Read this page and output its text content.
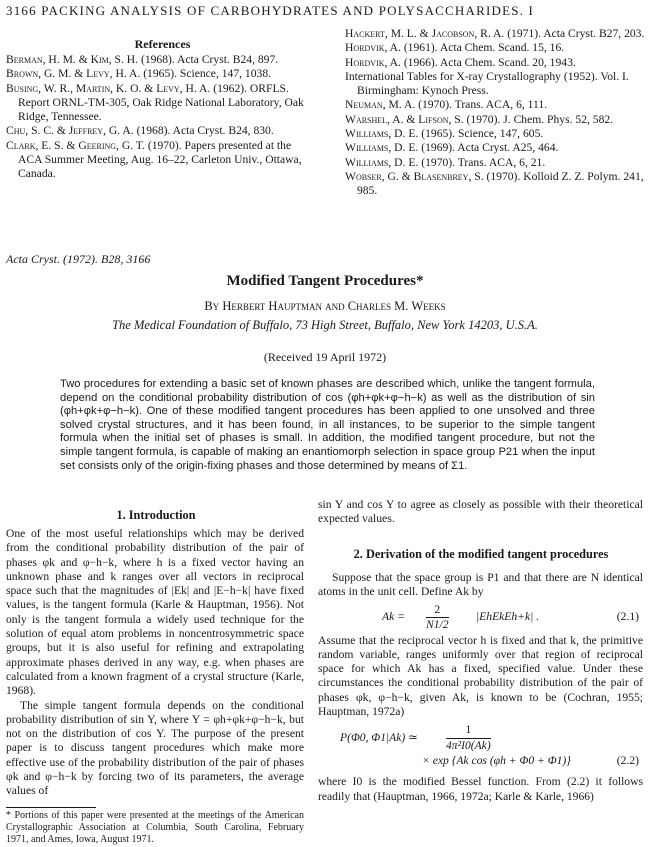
3166 PACKING ANALYSIS OF CARBOHYDRATES AND POLYSACCHARIDES. I
References
Berman, H. M. & Kim, S. H. (1968). Acta Cryst. B24, 897.
Brown, G. M. & Levy, H. A. (1965). Science, 147, 1038.
Busing, W. R., Martin, K. O. & Levy, H. A. (1962). ORFLS. Report ORNL-TM-305, Oak Ridge National Laboratory, Oak Ridge, Tennessee.
Chu, S. C. & Jeffrey, G. A. (1968). Acta Cryst. B24, 830.
Clark, E. S. & Geering, G. T. (1970). Papers presented at the ACA Summer Meeting, Aug. 16–22, Carleton Univ., Ottawa, Canada.
Hackert, M. L. & Jacobson, R. A. (1971). Acta Cryst. B27, 203.
Hordvik, A. (1961). Acta Chem. Scand. 15, 16.
Hordvik, A. (1966). Acta Chem. Scand. 20, 1943.
International Tables for X-ray Crystallography (1952). Vol. I. Birmingham: Kynoch Press.
Neuman, M. A. (1970). Trans. ACA, 6, 111.
Warshel, A. & Lifson, S. (1970). J. Chem. Phys. 52, 582.
Williams, D. E. (1965). Science, 147, 605.
Williams, D. E. (1969). Acta Cryst. A25, 464.
Williams, D. E. (1970). Trans. ACA, 6, 21.
Wobser, G. & Blasenbrey, S. (1970). Kolloid Z. Z. Polym. 241, 985.
Acta Cryst. (1972). B28, 3166
Modified Tangent Procedures*
By Herbert Hauptman and Charles M. Weeks
The Medical Foundation of Buffalo, 73 High Street, Buffalo, New York 14203, U.S.A.
(Received 19 April 1972)
Two procedures for extending a basic set of known phases are described which, unlike the tangent formula, depend on the conditional probability distribution of cos (φh+φk+φ−h−k) as well as the distribution of sin (φh+φk+φ−h−k). One of these modified tangent procedures has been applied to one unsolved and three solved crystal structures, and it has been found, in all instances, to be superior to the simple tangent formula when the initial set of phases is small. In addition, the modified tangent procedure, but not the simple tangent formula, is capable of making an enantiomorph selection in space group P21 when the input set consists only of the origin-fixing phases and those determined by means of Σ1.
1. Introduction

One of the most useful relationships which may be derived from the conditional probability distribution of the pair of phases φk and φ−h−k, where h is a fixed vector having an unknown phase and k ranges over all vectors in reciprocal space such that the magnitudes of |Ek| and |E−h−k| have fixed values, is the tangent formula (Karle & Hauptman, 1956). Not only is the tangent formula a widely used technique for the solution of equal atom problems in noncentrosymmetric space groups, but it is also useful for refining and extrapolating approximate phases derived in any way, e.g. when phases are calculated from a known fragment of a crystal structure (Karle, 1968).

The simple tangent formula depends on the conditional probability distribution of sin Y, where Y = φh+φk+φ−h−k, but not on the distribution of cos Y. The purpose of the present paper is to discuss tangent procedures which make more effective use of the probability distribution of the pair of phases φk and φ−h−k by forcing two of its parameters, the average values of

sin Y and cos Y to agree as closely as possible with their theoretical expected values.
2. Derivation of the modified tangent procedures

Suppose that the space group is P1 and that there are N identical atoms in the unit cell. Define Ak by

$Ak = \frac{2}{N1/2}$ |EhEkEh+k| .	(2.1)

Assume that the reciprocal vector h is fixed and that k, the primitive random variable, ranges uniformly over that region of reciprocal space for which Ak has a fixed, specified value. Under these circumstances the conditional probability distribution of the pair of phases φk, φ−h−k, given Ak, is known to be (Cochran, 1955; Hauptman, 1972a)

P(Φ0, Φ1|Ak) ≃ $\frac{1}{\text{4π²I0(Ak)}}$
× exp {Ak cos (φh + Φ0 + Φ1)}	(2.2)

where I0 is the modified Bessel function. From (2.2) it follows readily that (Hauptman, 1966, 1972a; Karle & Karle, 1966)

* Portions of this paper were presented at the meetings of the American Crystallographic Association at Columbia, South Carolina, February 1971, and Ames, Iowa, August 1971.
